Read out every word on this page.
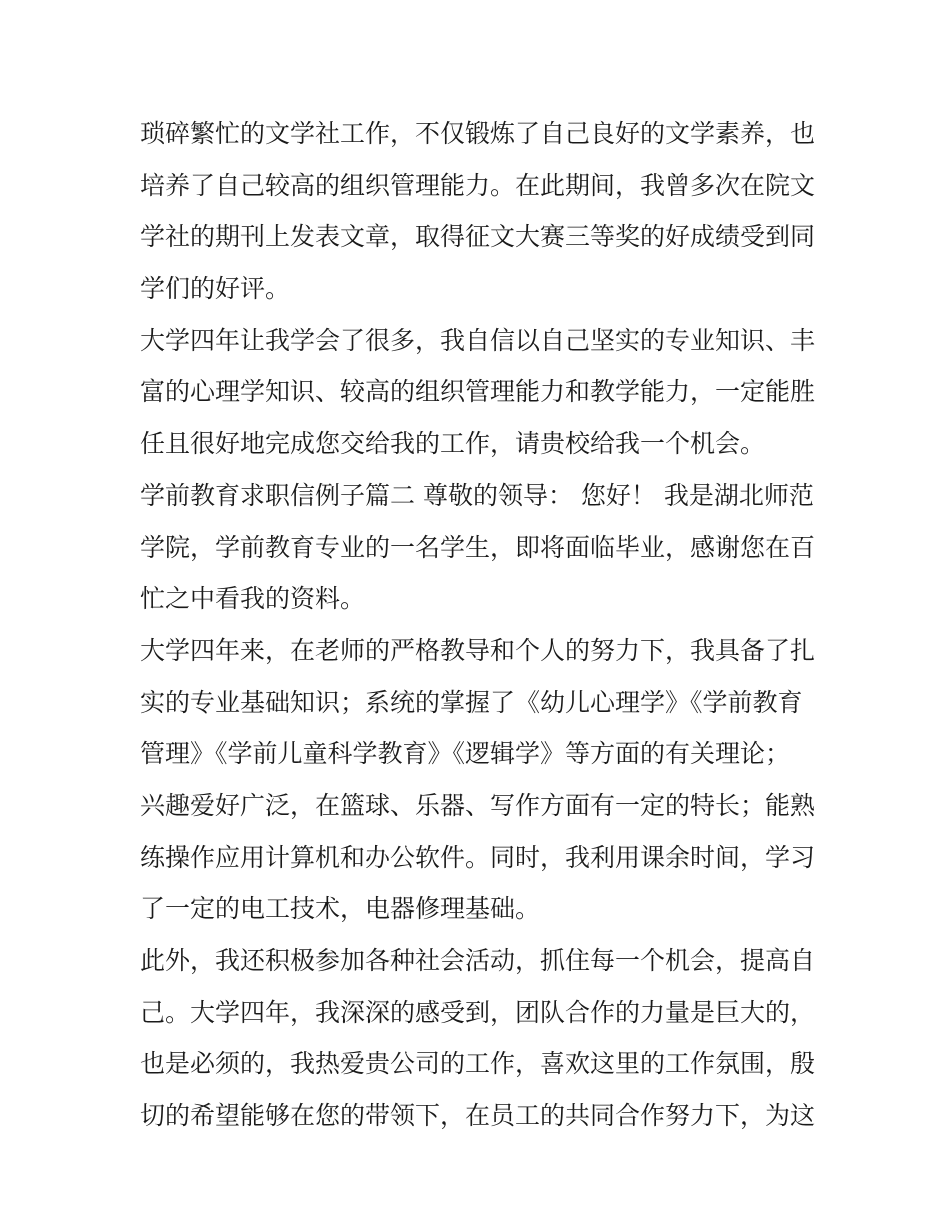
琐碎繁忙的文学社工作，不仅锻炼了自己良好的文学素养，也
培养了自己较高的组织管理能力。在此期间，我曾多次在院文
学社的期刊上发表文章，取得征文大赛三等奖的好成绩受到同
学们的好评。
大学四年让我学会了很多，我自信以自己坚实的专业知识、丰
富的心理学知识、较高的组织管理能力和教学能力，一定能胜
任且很好地完成您交给我的工作，请贵校给我一个机会。
学前教育求职信例子篇二 尊敬的领导： 您好！ 我是湖北师范
学院，学前教育专业的一名学生，即将面临毕业，感谢您在百
忙之中看我的资料。
大学四年来，在老师的严格教导和个人的努力下，我具备了扎
实的专业基础知识；系统的掌握了《幼儿心理学》《学前教育
管理》《学前儿童科学教育》《逻辑学》等方面的有关理论；
兴趣爱好广泛，在篮球、乐器、写作方面有一定的特长；能熟
练操作应用计算机和办公软件。同时，我利用课余时间，学习
了一定的电工技术，电器修理基础。
此外，我还积极参加各种社会活动，抓住每一个机会，提高自
己。大学四年，我深深的感受到，团队合作的力量是巨大的，
也是必须的，我热爱贵公司的工作，喜欢这里的工作氛围，殷
切的希望能够在您的带领下，在员工的共同合作努力下，为这
